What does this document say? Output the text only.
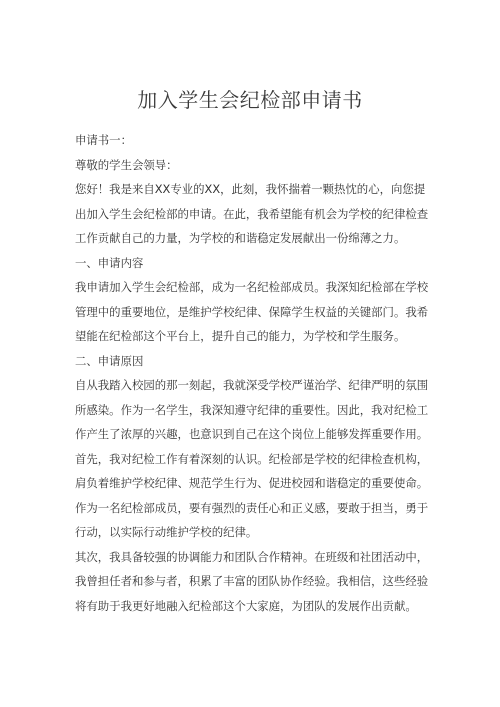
加入学生会纪检部申请书

申请书一：

尊敬的学生会领导：

您好！我是来自XX专业的XX，此刻，我怀揣着一颗热忱的心，向您提出加入学生会纪检部的申请。在此，我希望能有机会为学校的纪律检查工作贡献自己的力量，为学校的和谐稳定发展献出一份绵薄之力。

一、申请内容

我申请加入学生会纪检部，成为一名纪检部成员。我深知纪检部在学校管理中的重要地位，是维护学校纪律、保障学生权益的关键部门。我希望能在纪检部这个平台上，提升自己的能力，为学校和学生服务。

二、申请原因

自从我踏入校园的那一刻起，我就深受学校严谨治学、纪律严明的氛围所感染。作为一名学生，我深知遵守纪律的重要性。因此，我对纪检工作产生了浓厚的兴趣，也意识到自己在这个岗位上能够发挥重要作用。

首先，我对纪检工作有着深刻的认识。纪检部是学校的纪律检查机构，肩负着维护学校纪律、规范学生行为、促进校园和谐稳定的重要使命。作为一名纪检部成员，要有强烈的责任心和正义感，要敢于担当，勇于行动，以实际行动维护学校的纪律。

其次，我具备较强的协调能力和团队合作精神。在班级和社团活动中，我曾担任者和参与者，积累了丰富的团队协作经验。我相信，这些经验将有助于我更好地融入纪检部这个大家庭，为团队的发展作出贡献。
